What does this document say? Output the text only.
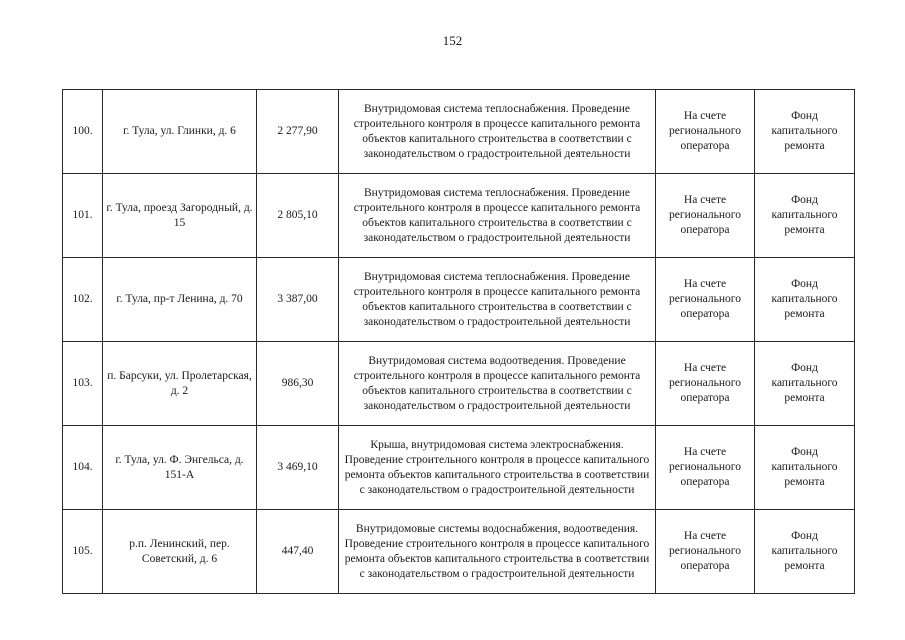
152
100.	г. Тула, ул. Глинки, д. 6	2 277,90	Внутридомовая система теплоснабжения. Проведение строительного контроля в процессе капитального ремонта объектов капитального строительства в соответствии с законодательством о градостроительной деятельности	На счете регионального оператора	Фонд капитального ремонта
101.	г. Тула, проезд Загородный, д. 15	2 805,10	Внутридомовая система теплоснабжения. Проведение строительного контроля в процессе капитального ремонта объектов капитального строительства в соответствии с законодательством о градостроительной деятельности	На счете регионального оператора	Фонд капитального ремонта
102.	г. Тула, пр-т Ленина, д. 70	3 387,00	Внутридомовая система теплоснабжения. Проведение строительного контроля в процессе капитального ремонта объектов капитального строительства в соответствии с законодательством о градостроительной деятельности	На счете регионального оператора	Фонд капитального ремонта
103.	п. Барсуки, ул. Пролетарская, д. 2	986,30	Внутридомовая система водоотведения. Проведение строительного контроля в процессе капитального ремонта объектов капитального строительства в соответствии с законодательством о градостроительной деятельности	На счете регионального оператора	Фонд капитального ремонта
104.	г. Тула, ул. Ф. Энгельса, д. 151-А	3 469,10	Крыша, внутридомовая система электроснабжения. Проведение строительного контроля в процессе капитального ремонта объектов капитального строительства в соответствии с законодательством о градостроительной деятельности	На счете регионального оператора	Фонд капитального ремонта
105.	р.п. Ленинский, пер. Советский, д. 6	447,40	Внутридомовые системы водоснабжения, водоотведения. Проведение строительного контроля в процессе капитального ремонта объектов капитального строительства в соответствии с законодательством о градостроительной деятельности	На счете регионального оператора	Фонд капитального ремонта
